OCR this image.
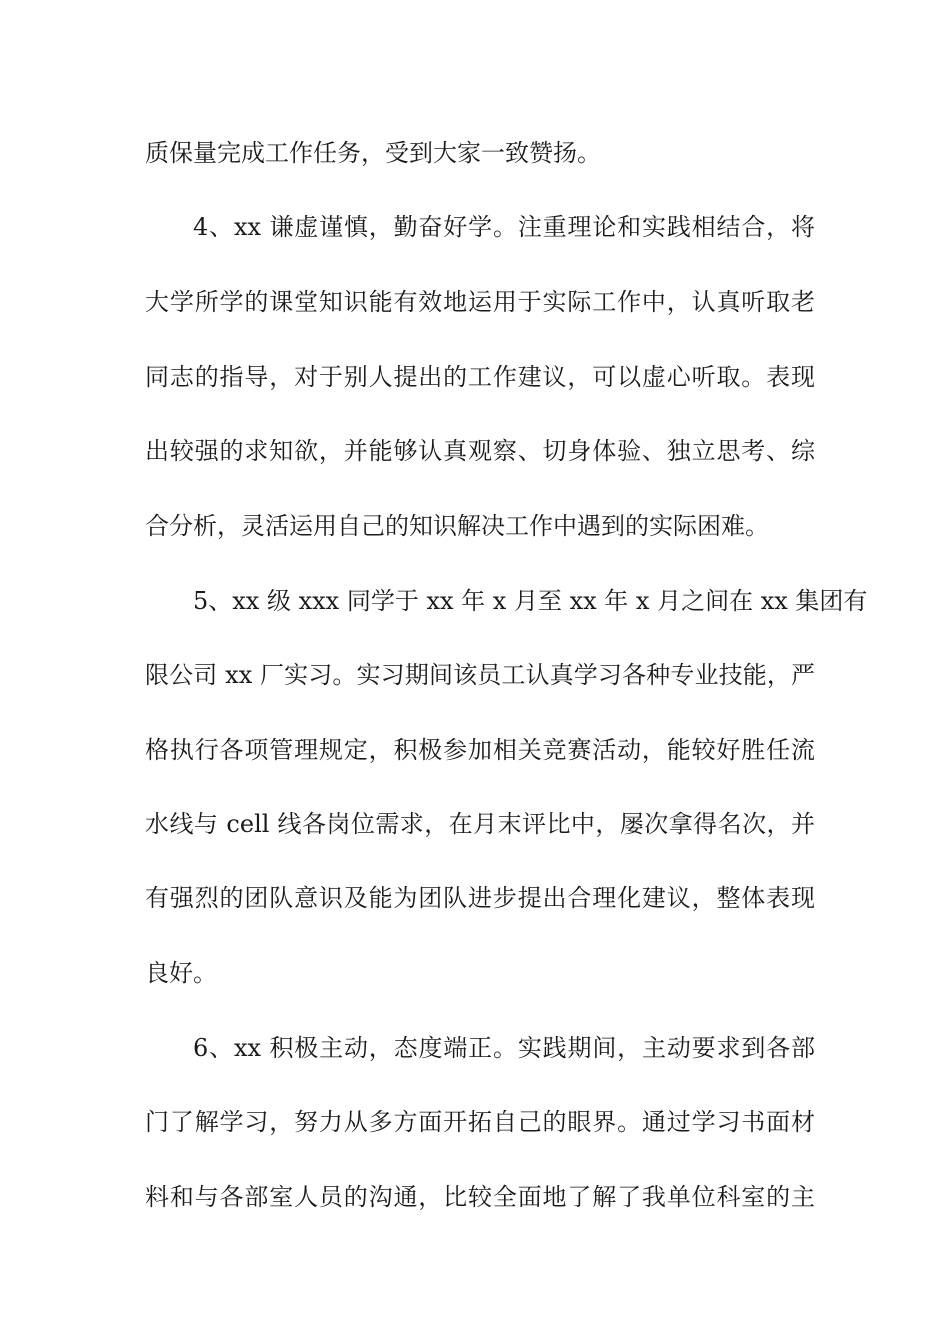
质保量完成工作任务，受到大家一致赞扬。
4、xx 谦虚谨慎，勤奋好学。注重理论和实践相结合，将
大学所学的课堂知识能有效地运用于实际工作中，认真听取老
同志的指导，对于别人提出的工作建议，可以虚心听取。表现
出较强的求知欲，并能够认真观察、切身体验、独立思考、综
合分析，灵活运用自己的知识解决工作中遇到的实际困难。
5、xx 级 xxx 同学于 xx 年 x 月至 xx 年 x 月之间在 xx 集团有
限公司 xx 厂实习。实习期间该员工认真学习各种专业技能，严
格执行各项管理规定，积极参加相关竞赛活动，能较好胜任流
水线与 cell 线各岗位需求，在月末评比中，屡次拿得名次，并
有强烈的团队意识及能为团队进步提出合理化建议，整体表现
良好。
6、xx 积极主动，态度端正。实践期间，主动要求到各部
门了解学习，努力从多方面开拓自己的眼界。通过学习书面材
料和与各部室人员的沟通，比较全面地了解了我单位科室的主
